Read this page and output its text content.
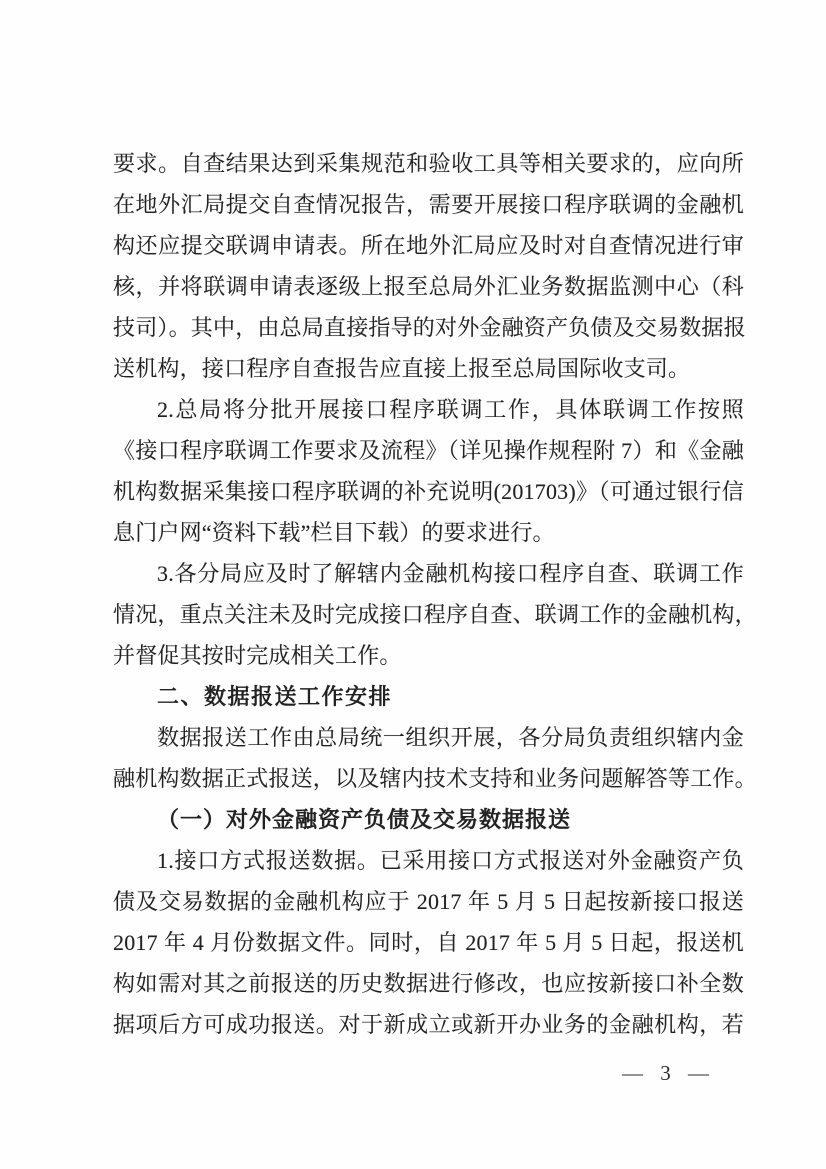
要求。自查结果达到采集规范和验收工具等相关要求的，应向所
在地外汇局提交自查情况报告，需要开展接口程序联调的金融机
构还应提交联调申请表。所在地外汇局应及时对自查情况进行审
核，并将联调申请表逐级上报至总局外汇业务数据监测中心（科
技司）。其中，由总局直接指导的对外金融资产负债及交易数据报
送机构，接口程序自查报告应直接上报至总局国际收支司。
2.总局将分批开展接口程序联调工作，具体联调工作按照
《接口程序联调工作要求及流程》（详见操作规程附 7）和《金融
机构数据采集接口程序联调的补充说明(201703)》（可通过银行信
息门户网“资料下载”栏目下载）的要求进行。
3.各分局应及时了解辖内金融机构接口程序自查、联调工作
情况，重点关注未及时完成接口程序自查、联调工作的金融机构，
并督促其按时完成相关工作。
二、数据报送工作安排
数据报送工作由总局统一组织开展，各分局负责组织辖内金
融机构数据正式报送，以及辖内技术支持和业务问题解答等工作。
（一）对外金融资产负债及交易数据报送
1.接口方式报送数据。已采用接口方式报送对外金融资产负
债及交易数据的金融机构应于 2017 年 5 月 5 日起按新接口报送
2017 年 4 月份数据文件。同时，自 2017 年 5 月 5 日起，报送机
构如需对其之前报送的历史数据进行修改，也应按新接口补全数
据项后方可成功报送。对于新成立或新开办业务的金融机构，若
— 3 —
